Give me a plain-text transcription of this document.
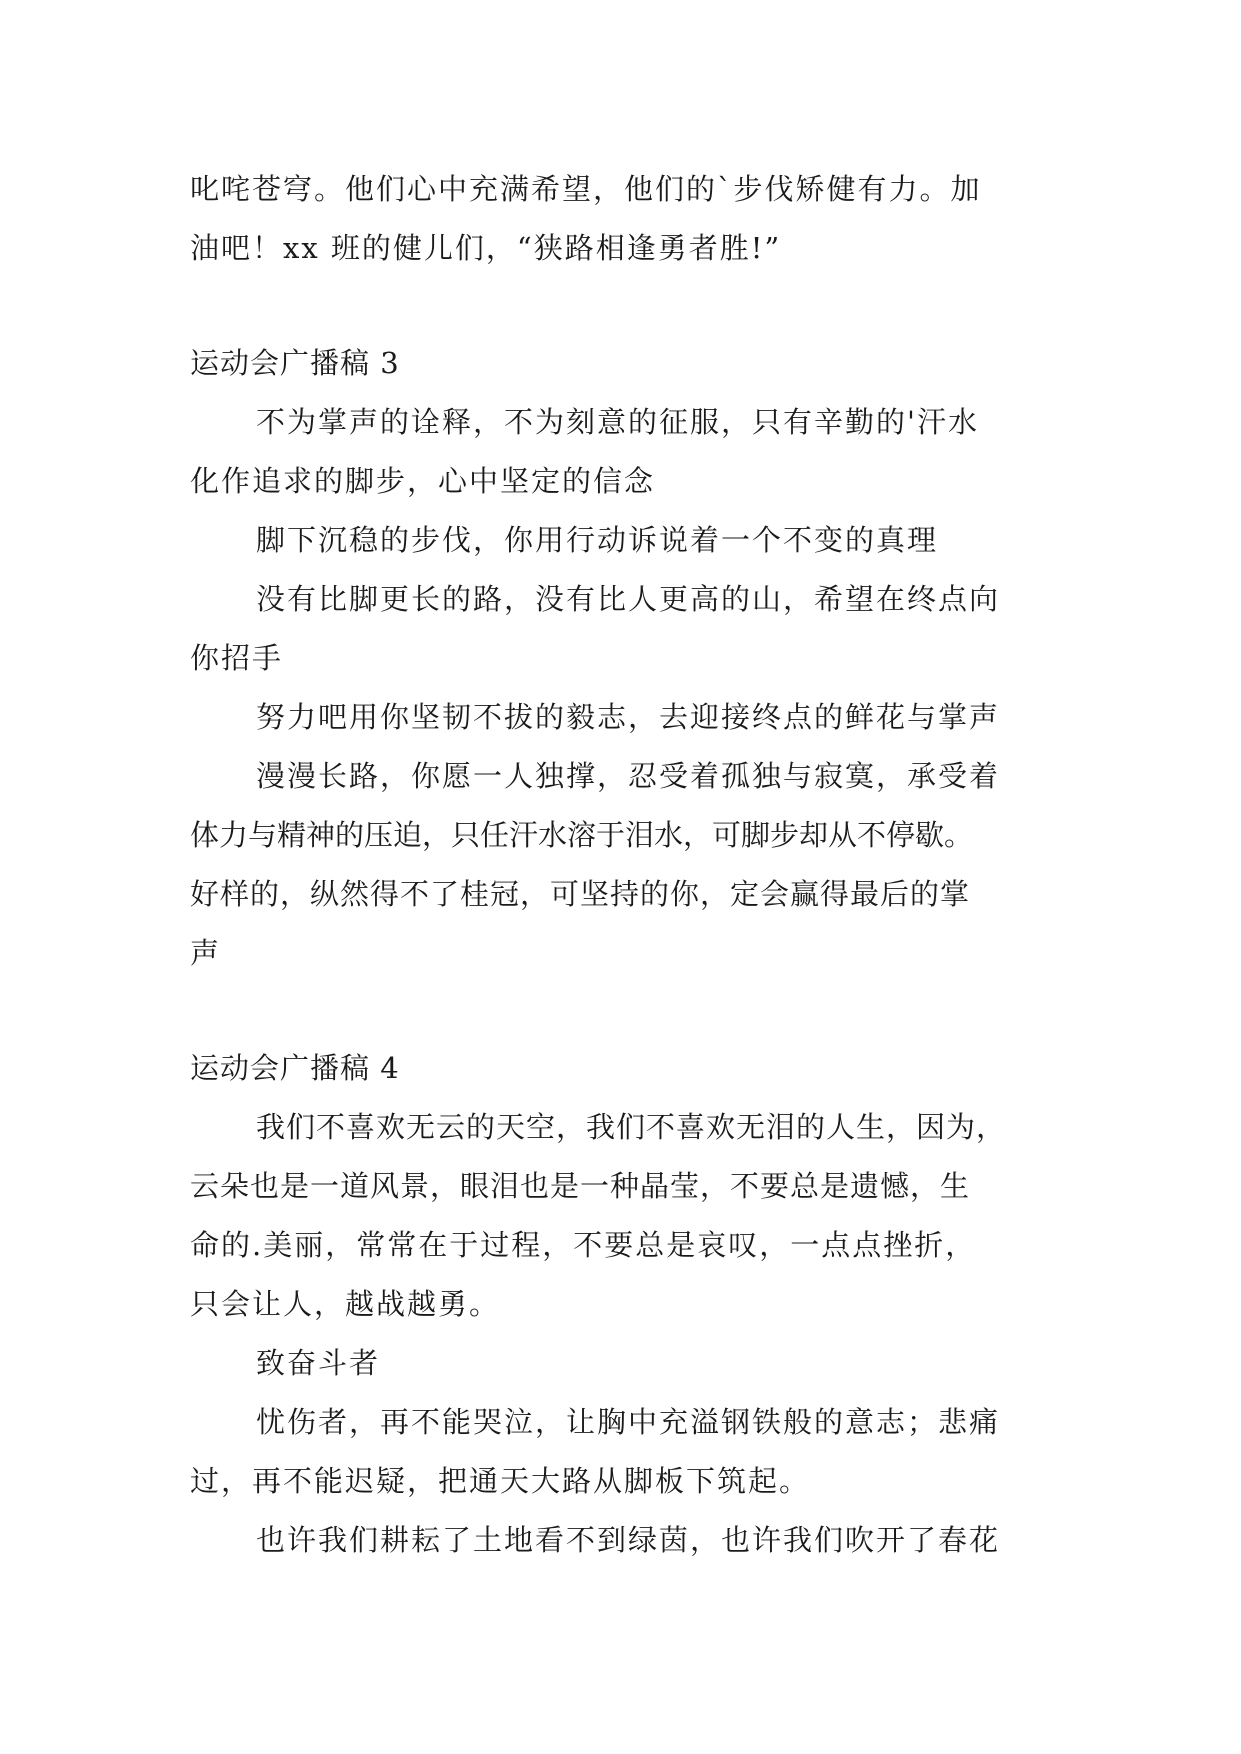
叱咤苍穹。他们心中充满希望，他们的`步伐矫健有力。加
油吧！xx 班的健儿们，“狭路相逢勇者胜!”
运动会广播稿 3
不为掌声的诠释，不为刻意的征服，只有辛勤的'汗水
化作追求的脚步，心中坚定的信念
脚下沉稳的步伐，你用行动诉说着一个不变的真理
没有比脚更长的路，没有比人更高的山，希望在终点向
你招手
努力吧用你坚韧不拔的毅志，去迎接终点的鲜花与掌声
漫漫长路，你愿一人独撑，忍受着孤独与寂寞，承受着
体力与精神的压迫，只任汗水溶于泪水，可脚步却从不停歇。
好样的，纵然得不了桂冠，可坚持的你，定会赢得最后的掌
声
运动会广播稿 4
我们不喜欢无云的天空，我们不喜欢无泪的人生，因为，
云朵也是一道风景，眼泪也是一种晶莹，不要总是遗憾，生
命的.美丽，常常在于过程，不要总是哀叹，一点点挫折，
只会让人，越战越勇。
致奋斗者
忧伤者，再不能哭泣，让胸中充溢钢铁般的意志；悲痛
过，再不能迟疑，把通天大路从脚板下筑起。
也许我们耕耘了土地看不到绿茵，也许我们吹开了春花
